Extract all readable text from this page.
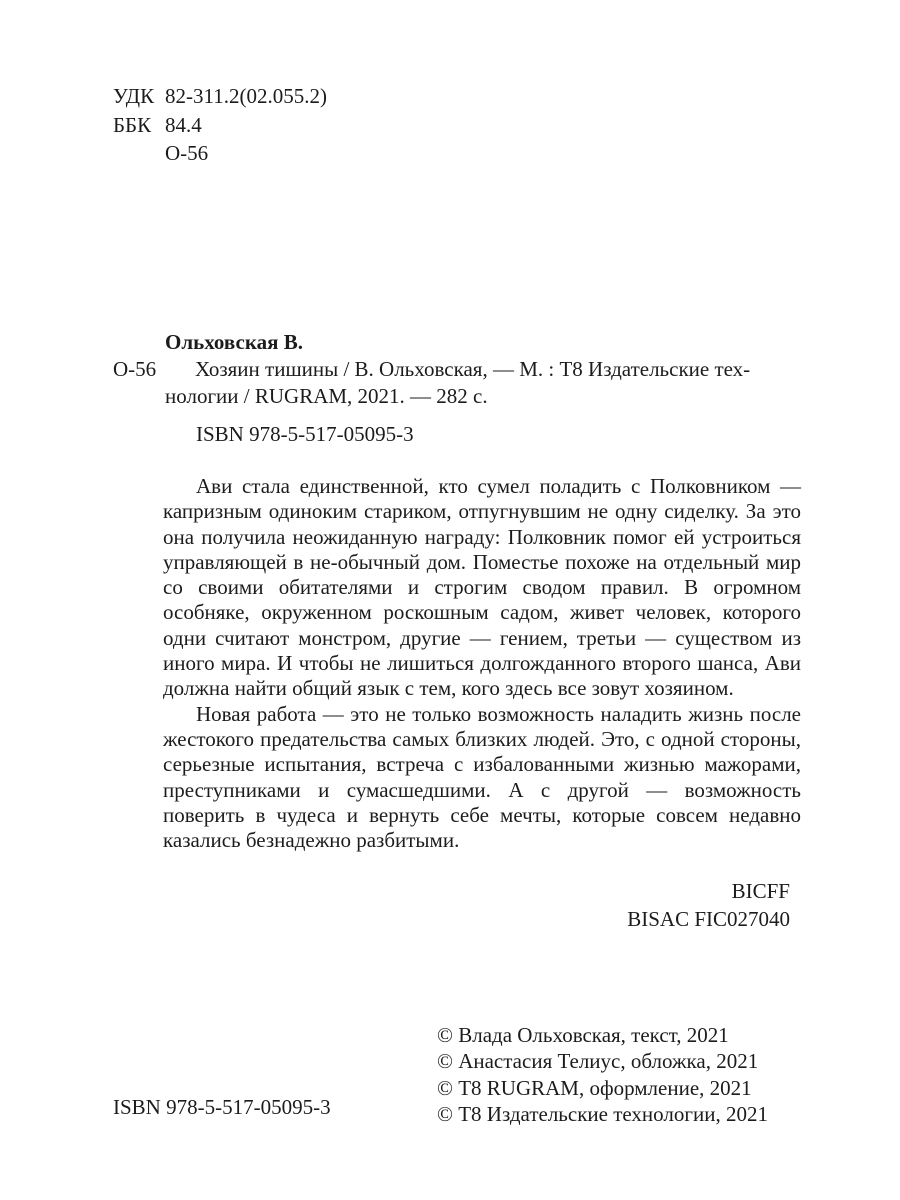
УДК 82-311.2(02.055.2)
ББК 84.4
О-56
Ольховская В.
О-56	Хозяин тишины / В. Ольховская, — М. : Т8 Издательские тех-
нологии / RUGRAM, 2021. — 282 с.
ISBN 978-5-517-05095-3

Ави стала единственной, кто сумел поладить с Полковником — капризным одиноким стариком, отпугнувшим не одну сиделку. За это она получила неожиданную награду: Полковник помог ей устроиться управляющей в не-обычный дом. Поместье похоже на отдельный мир со своими обитателями и строгим сводом правил. В огромном особняке, окруженном роскошным садом, живет человек, которого одни считают монстром, другие — гением, третьи — существом из иного мира. И чтобы не лишиться долгожданного второго шанса, Ави должна найти общий язык с тем, кого здесь все зовут хозяином.

Новая работа — это не только возможность наладить жизнь после жестокого предательства самых близких людей. Это, с одной стороны, серьезные испытания, встреча с избалованными жизнью мажорами, преступниками и сумасшедшими. А с другой — возможность поверить в чудеса и вернуть себе мечты, которые совсем недавно казались безнадежно разбитыми.

BICFF
BISAC FIC027040
© Влада Ольховская, текст, 2021
© Анастасия Телиус, обложка, 2021
© Т8 RUGRAM, оформление, 2021
© Т8 Издательские технологии, 2021
ISBN 978-5-517-05095-3
